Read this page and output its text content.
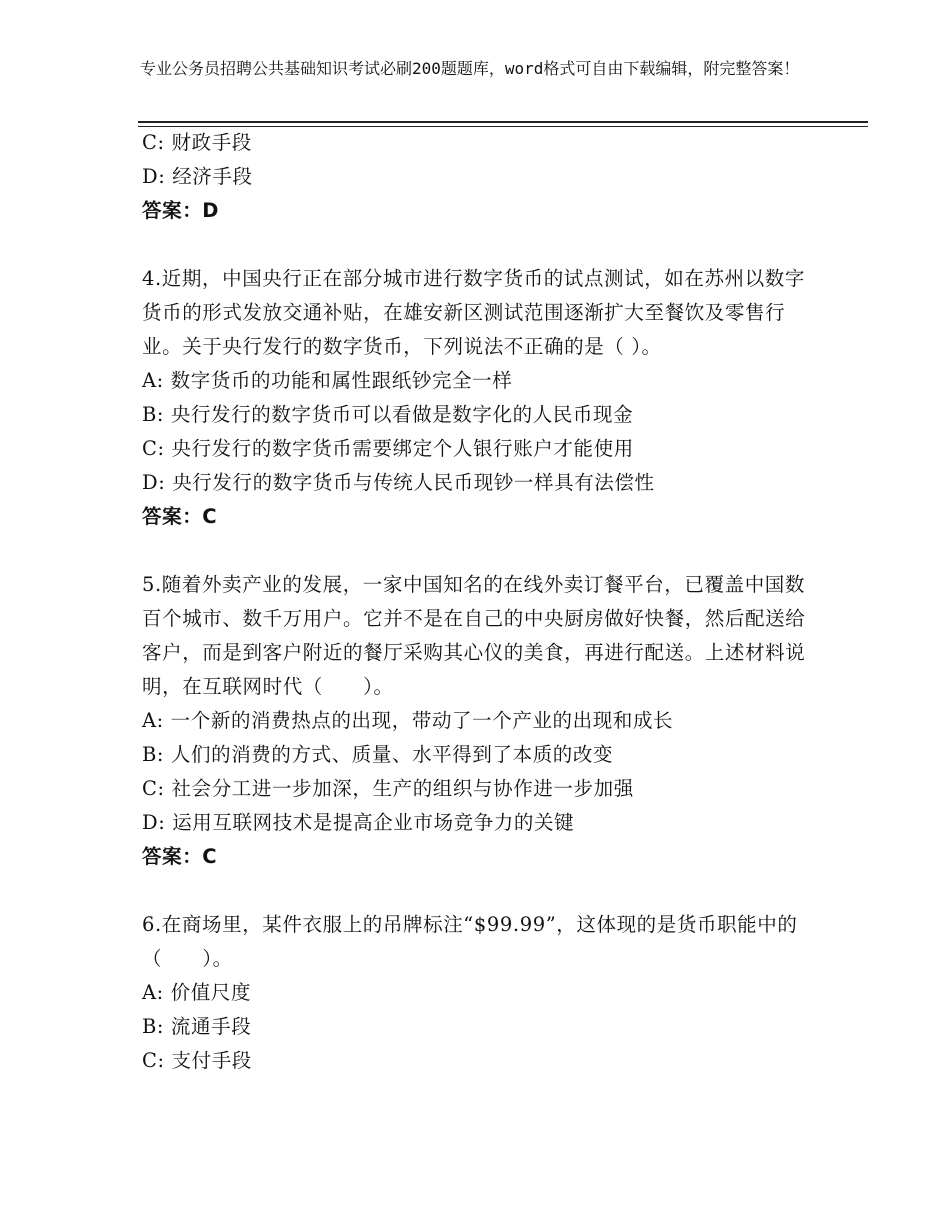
专业公务员招聘公共基础知识考试必刷200题题库，word格式可自由下载编辑，附完整答案！
C: 财政手段
D: 经济手段
答案：D
4.近期，中国央行正在部分城市进行数字货币的试点测试，如在苏州以数字货币的形式发放交通补贴，在雄安新区测试范围逐渐扩大至餐饮及零售行业。关于央行发行的数字货币，下列说法不正确的是（ ）。
A: 数字货币的功能和属性跟纸钞完全一样
B: 央行发行的数字货币可以看做是数字化的人民币现金
C: 央行发行的数字货币需要绑定个人银行账户才能使用
D: 央行发行的数字货币与传统人民币现钞一样具有法偿性
答案：C
5.随着外卖产业的发展，一家中国知名的在线外卖订餐平台，已覆盖中国数百个城市、数千万用户。它并不是在自己的中央厨房做好快餐，然后配送给客户，而是到客户附近的餐厅采购其心仪的美食，再进行配送。上述材料说明，在互联网时代（　　）。
A: 一个新的消费热点的出现，带动了一个产业的出现和成长
B: 人们的消费的方式、质量、水平得到了本质的改变
C: 社会分工进一步加深，生产的组织与协作进一步加强
D: 运用互联网技术是提高企业市场竞争力的关键
答案：C
6.在商场里，某件衣服上的吊牌标注“$99.99”，这体现的是货币职能中的（　　）。
A: 价值尺度
B: 流通手段
C: 支付手段
